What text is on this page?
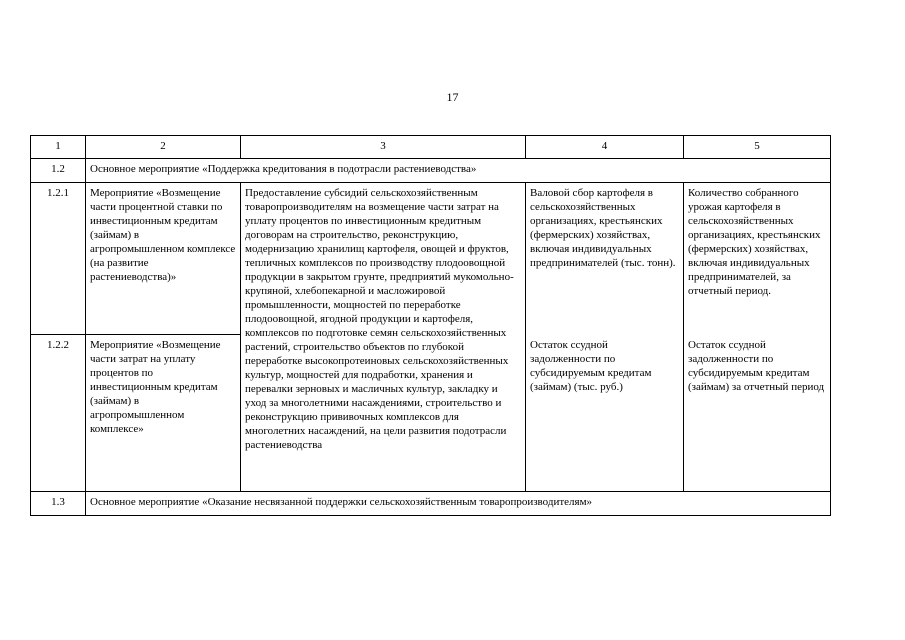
17
1	2	3	4	5
1.2	Основное мероприятие «Поддержка кредитования в подотрасли растениеводства»			
1.2.1	Мероприятие «Возмещение части процентной ставки по инвестиционным кредитам (займам) в агропромышленном комплексе (на развитие растениеводства)»	Предоставление субсидий сельскохозяйственным товаропроизводителям на возмещение части затрат на уплату процентов по инвестиционным кредитным договорам на строительство, реконструкцию, модернизацию хранилищ картофеля, овощей и фруктов, тепличных комплексов по производству плодоовощной продукции в закрытом грунте, предприятий мукомольно-крупяной, хлебопекарной и масложировой промышленности, мощностей по переработке плодоовощной, ягодной продукции и картофеля, комплексов по подготовке семян сельскохозяйственных растений, строительство объектов по глубокой переработке высокопротеиновых сельскохозяйственных культур, мощностей для подработки, хранения и перевалки зерновых и масличных культур, закладку и уход за многолетними насаждениями, строительство и реконструкцию прививочных комплексов для многолетних насаждений, на цели развития подотрасли растениеводства	Валовой сбор картофеля в сельскохозяйственных организациях, крестьянских (фермерских) хозяйствах, включая индивидуальных предпринимателей (тыс. тонн).	Количество собранного урожая картофеля в сельскохозяйственных организациях, крестьянских (фермерских) хозяйствах, включая индивидуальных предпринимателей, за отчетный период.
1.2.2	Мероприятие «Возмещение части затрат на уплату процентов по инвестиционным кредитам (займам) в агропромышленном комплексе»		Остаток ссудной задолженности по субсидируемым кредитам (займам) (тыс. руб.)	Остаток ссудной задолженности по субсидируемым кредитам (займам) за отчетный период
1.3	Основное мероприятие «Оказание несвязанной поддержки сельскохозяйственным товаропроизводителям»			
